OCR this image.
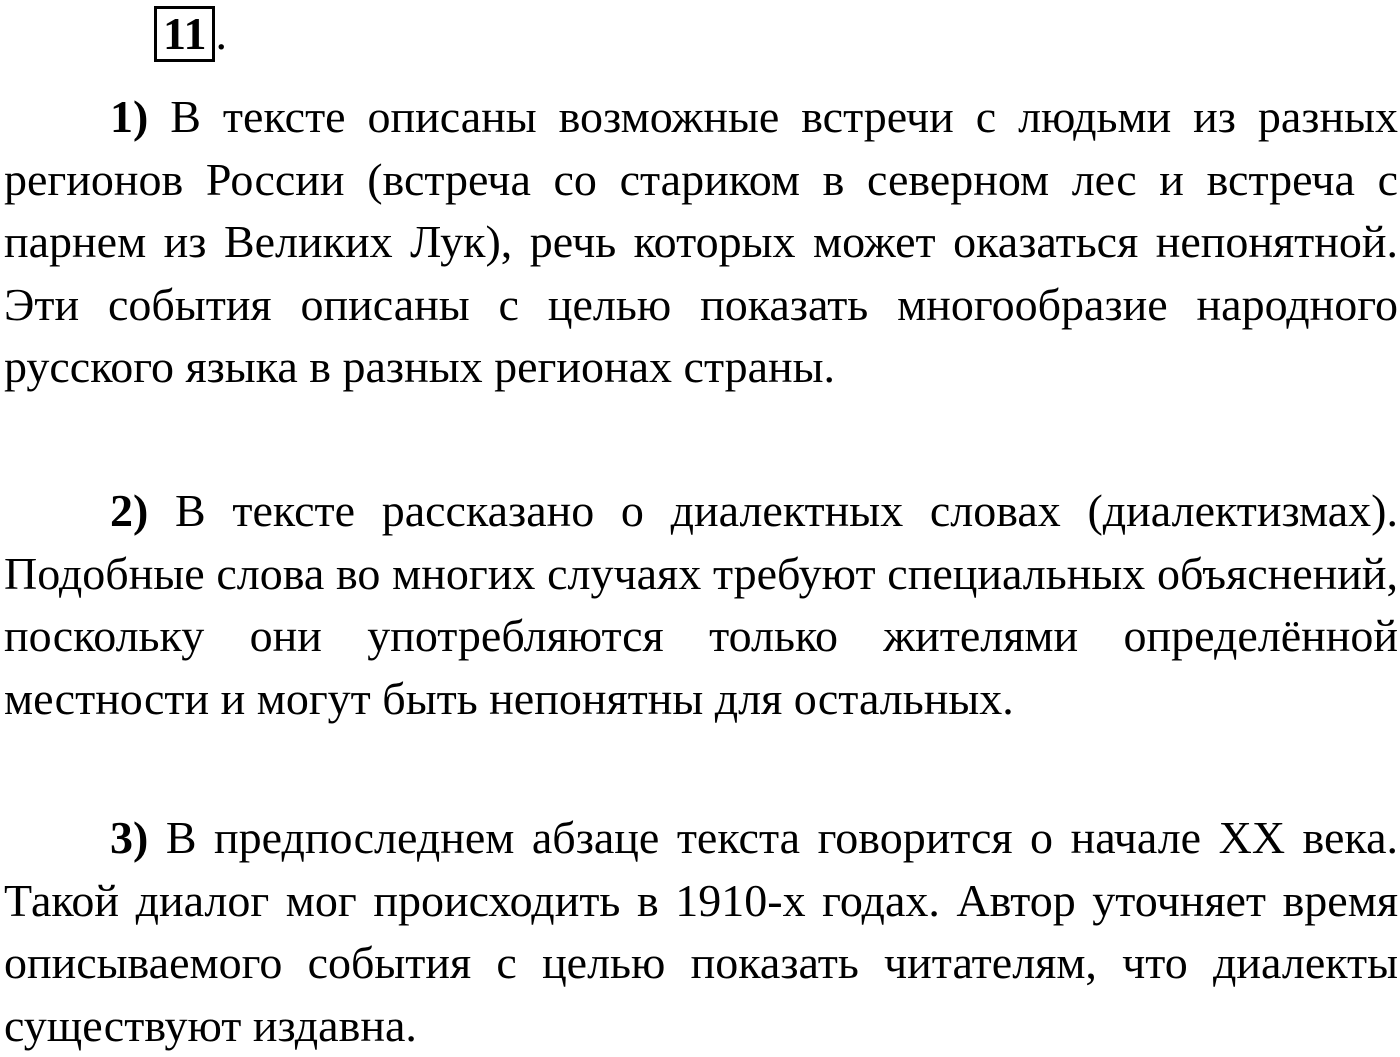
11 .

1) В тексте описаны возможные встречи с людьми из разных регионов России (встреча со стариком в северном лес и встреча с парнем из Великих Лук), речь которых может оказаться непонятной. Эти события описаны с целью показать многообразие народного русского языка в разных регионах страны.

2) В тексте рассказано о диалектных словах (диалектизмах). Подобные слова во многих случаях требуют специальных объяснений, поскольку они употребляются только жителями определённой местности и могут быть непонятны для остальных.

3) В предпоследнем абзаце текста говорится о начале XX века. Такой диалог мог происходить в 1910-х годах. Автор уточняет время описываемого события с целью показать читателям, что диалекты существуют издавна.
